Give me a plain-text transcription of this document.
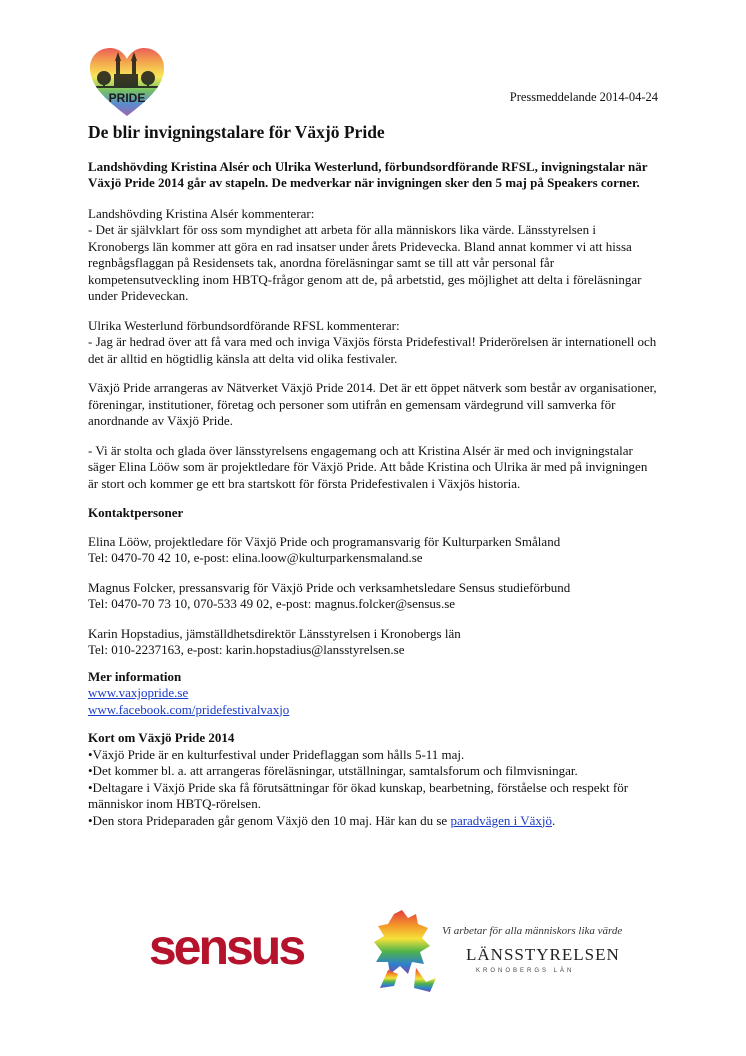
PRIDE	Pressmeddelande 2014-04-24
De blir invigningstalare för Växjö Pride

Landshövding Kristina Alsér och Ulrika Westerlund, förbundsordförande RFSL, invigningstalar när Växjö Pride 2014 går av stapeln. De medverkar när invigningen sker den 5 maj på Speakers corner.

Landshövding Kristina Alsér kommenterar:
- Det är självklart för oss som myndighet att arbeta för alla människors lika värde. Länsstyrelsen i Kronobergs län kommer att göra en rad insatser under årets Pridevecka. Bland annat kommer vi att hissa regnbågsflaggan på Residensets tak, anordna föreläsningar samt se till att vår personal får kompetensutveckling inom HBTQ-frågor genom att de, på arbetstid, ges möjlighet att delta i föreläsningar under Prideveckan.

Ulrika Westerlund förbundsordförande RFSL kommenterar:
- Jag är hedrad över att få vara med och inviga Växjös första Pridefestival! Priderörelsen är internationell och det är alltid en högtidlig känsla att delta vid olika festivaler.

Växjö Pride arrangeras av Nätverket Växjö Pride 2014. Det är ett öppet nätverk som består av organisationer, föreningar, institutioner, företag och personer som utifrån en gemensam värdegrund vill samverka för anordnande av Växjö Pride.

- Vi är stolta och glada över länsstyrelsens engagemang och att Kristina Alsér är med och invigningstalar säger Elina Lööw som är projektledare för Växjö Pride. Att både Kristina och Ulrika är med på invigningen är stort och kommer ge ett bra startskott för första Pridefestivalen i Växjös historia.

Kontaktpersoner
Elina Lööw, projektledare för Växjö Pride och programansvarig för Kulturparken Småland
Tel: 0470-70 42 10, e-post: elina.loow@kulturparkensmaland.se
Magnus Folcker, pressansvarig för Växjö Pride och verksamhetsledare Sensus studieförbund
Tel: 0470-70 73 10, 070-533 49 02, e-post: magnus.folcker@sensus.se
Karin Hopstadius, jämställdhetsdirektör Länsstyrelsen i Kronobergs län
Tel: 010-2237163, e-post: karin.hopstadius@lansstyrelsen.se
Mer information
www.vaxjopride.se
www.facebook.com/pridefestivalvaxjo
Kort om Växjö Pride 2014
•Växjö Pride är en kulturfestival under Prideflaggan som hålls 5-11 maj.
•Det kommer bl. a. att arrangeras föreläsningar, utställningar, samtalsforum och filmvisningar.
•Deltagare i Växjö Pride ska få förutsättningar för ökad kunskap, bearbetning, förståelse och respekt för människor inom HBTQ-rörelsen.
•Den stora Prideparaden går genom Växjö den 10 maj. Här kan du se paradvägen i Växjö.
sensus	Vi arbetar för alla människors lika värde
LÄNSSTYRELSEN
KRONOBERGS LÄN
